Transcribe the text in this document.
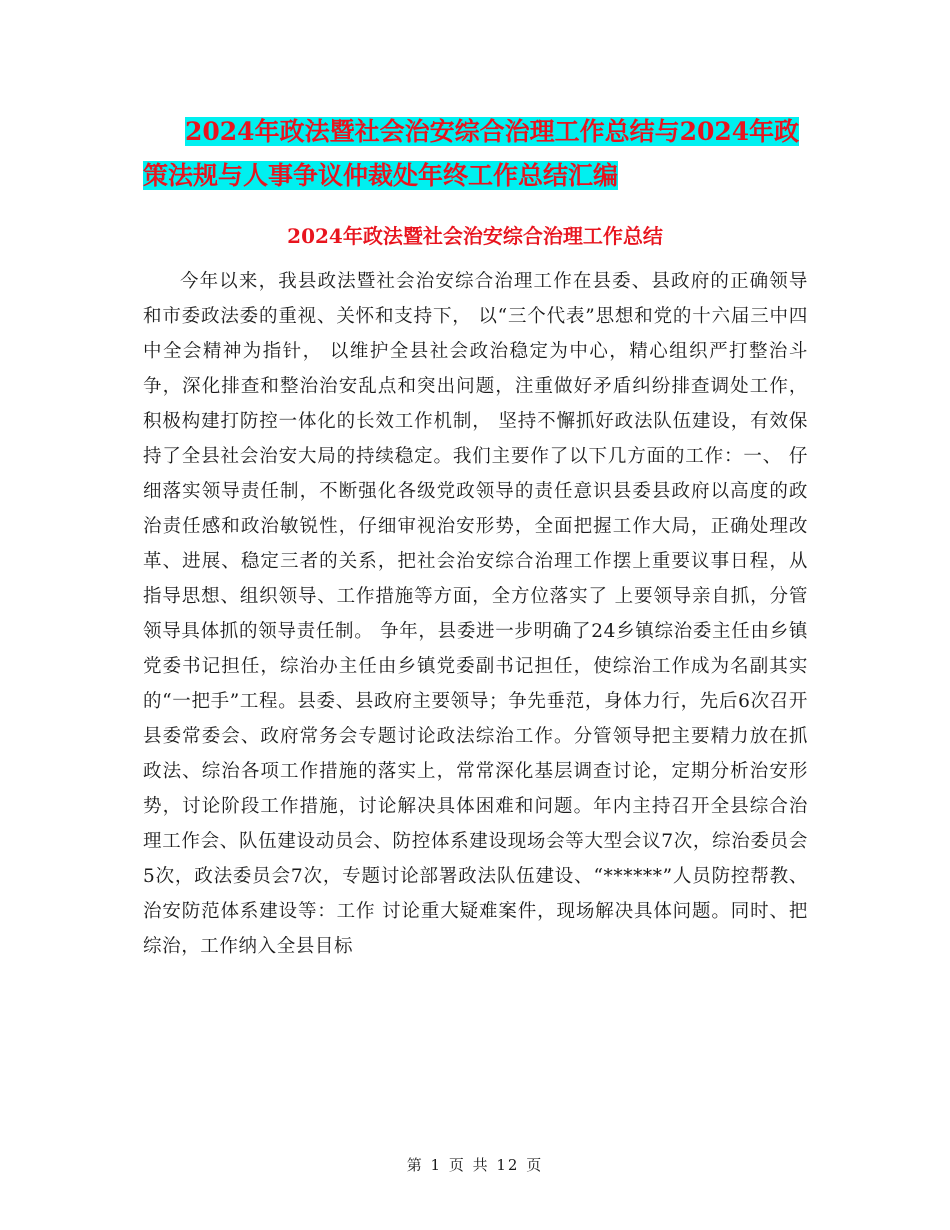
2024年政法暨社会治安综合治理工作总结与2024年政
策法规与人事争议仲裁处年终工作总结汇编
2024年政法暨社会治安综合治理工作总结

今年以来，我县政法暨社会治安综合治理工作在县委、县政府的正确领导和市委政法委的重视、关怀和支持下， 以“三个代表”思想和党的十六届三中四中全会精神为指针， 以维护全县社会政治稳定为中心，精心组织严打整治斗争，深化排查和整治治安乱点和突出问题，注重做好矛盾纠纷排查调处工作，积极构建打防控一体化的长效工作机制， 坚持不懈抓好政法队伍建设，有效保持了全县社会治安大局的持续稳定。我们主要作了以下几方面的工作：一、 仔细落实领导责任制，不断强化各级党政领导的责任意识县委县政府以高度的政治责任感和政治敏锐性，仔细审视治安形势，全面把握工作大局，正确处理改革、进展、稳定三者的关系，把社会治安综合治理工作摆上重要议事日程，从指导思想、组织领导、工作措施等方面，全方位落实了 上要领导亲自抓，分管领导具体抓的领导责任制。 争年，县委进一步明确了24乡镇综治委主任由乡镇党委书记担任，综治办主任由乡镇党委副书记担任，使综治工作成为名副其实的“一把手”工程。县委、县政府主要领导；争先垂范，身体力行，先后6次召开县委常委会、政府常务会专题讨论政法综治工作。分管领导把主要精力放在抓政法、综治各项工作措施的落实上，常常深化基层调查讨论，定期分析治安形势，讨论阶段工作措施，讨论解决具体困难和问题。年内主持召开全县综合治理工作会、队伍建设动员会、防控体系建设现场会等大型会议7次，综治委员会5次，政法委员会7次，专题讨论部署政法队伍建设、“******”人员防控帮教、治安防范体系建设等：工作 讨论重大疑难案件，现场解决具体问题。同时、把综治，工作纳入全县目标

第 1 页 共 12 页
